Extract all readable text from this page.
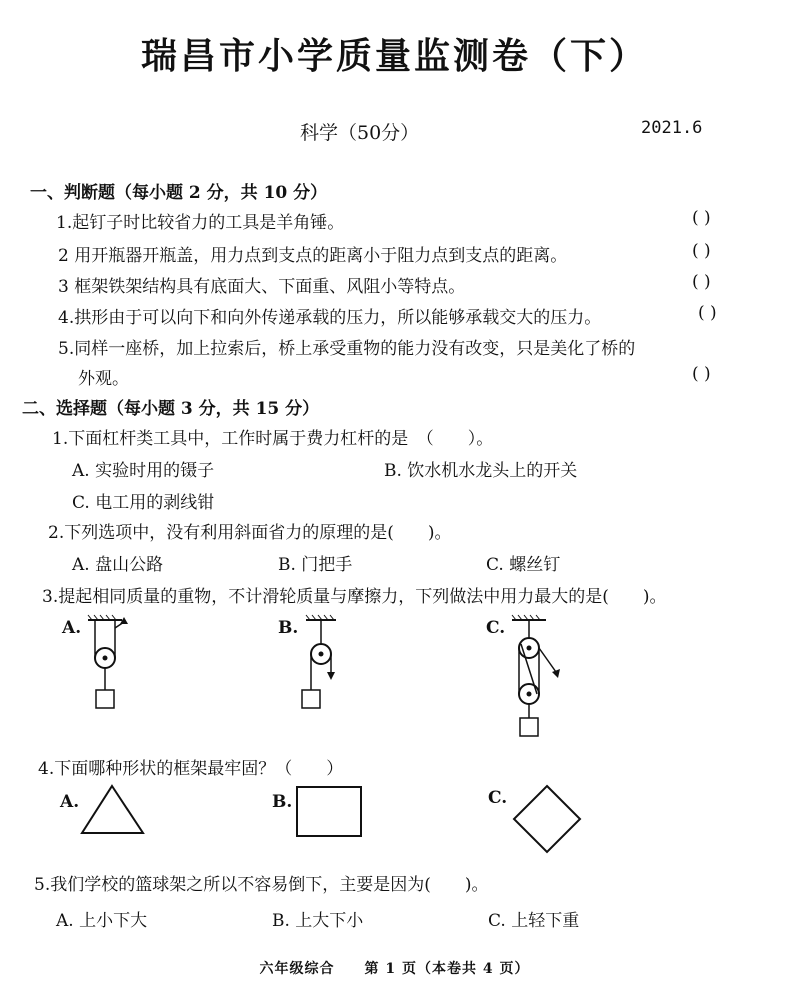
瑞昌市小学质量监测卷（下）
科学（50分）	2021.6
一、判断题（每小题 2 分，共 10 分）
1.起钉子时比较省力的工具是羊角锤。	( )
2 用开瓶器开瓶盖，用力点到支点的距离小于阻力点到支点的距离。	( )
3 框架铁架结构具有底面大、下面重、风阻小等特点。	( )
4.拱形由于可以向下和向外传递承载的压力，所以能够承载交大的压力。	( )
5.同样一座桥，加上拉索后，桥上承受重物的能力没有改变，只是美化了桥的
外观。	( )
二、选择题（每小题 3 分，共 15 分）
1.下面杠杆类工具中，工作时属于费力杠杆的是　（　　）。
A. 实验时用的镊子	B. 饮水机水龙头上的开关
C. 电工用的剥线钳
2.下列选项中，没有利用斜面省力的原理的是(　　)。
A. 盘山公路	B. 门把手	C. 螺丝钉
3.提起相同质量的重物，不计滑轮质量与摩擦力，下列做法中用力最大的是(　　)。
A.	B.	C.
4.下面哪种形状的框架最牢固？（　　）
A.	B.	C.
5.我们学校的篮球架之所以不容易倒下，主要是因为(　　)。
A. 上小下大	B. 上大下小	C. 上轻下重
六年级综合　　第 1 页（本卷共 4 页）
